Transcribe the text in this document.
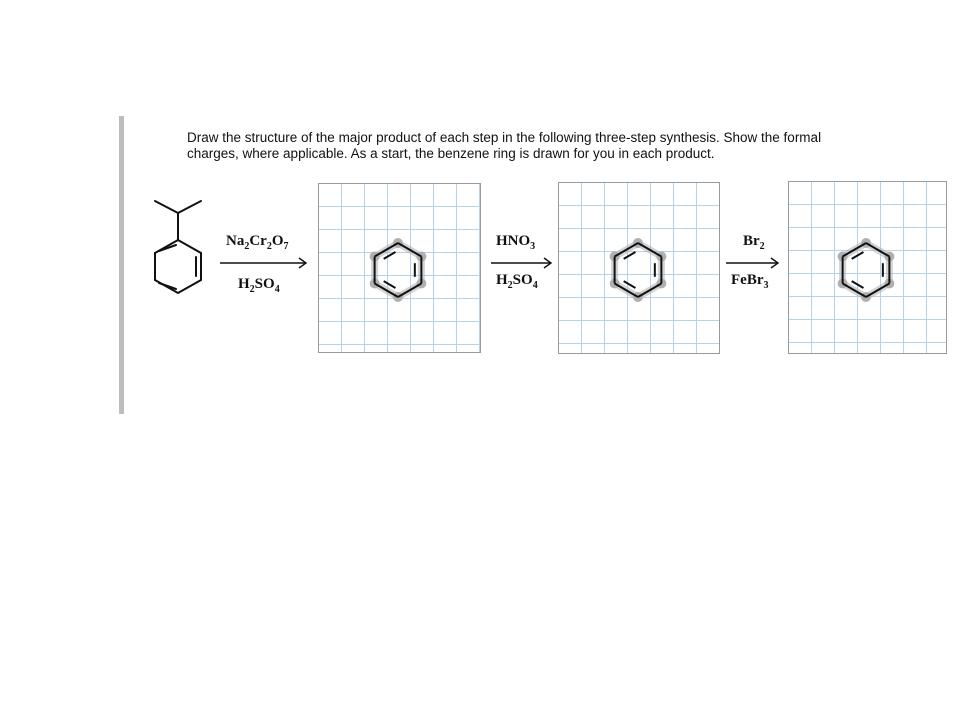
Draw the structure of the major product of each step in the following three-step synthesis. Show the formal
charges, where applicable. As a start, the benzene ring is drawn for you in each product.
$Na_2Cr_2O_7$
$H_2SO_4$
$HNO_3$
$H_2SO_4$
$Br_2$
FeBr$_3$
